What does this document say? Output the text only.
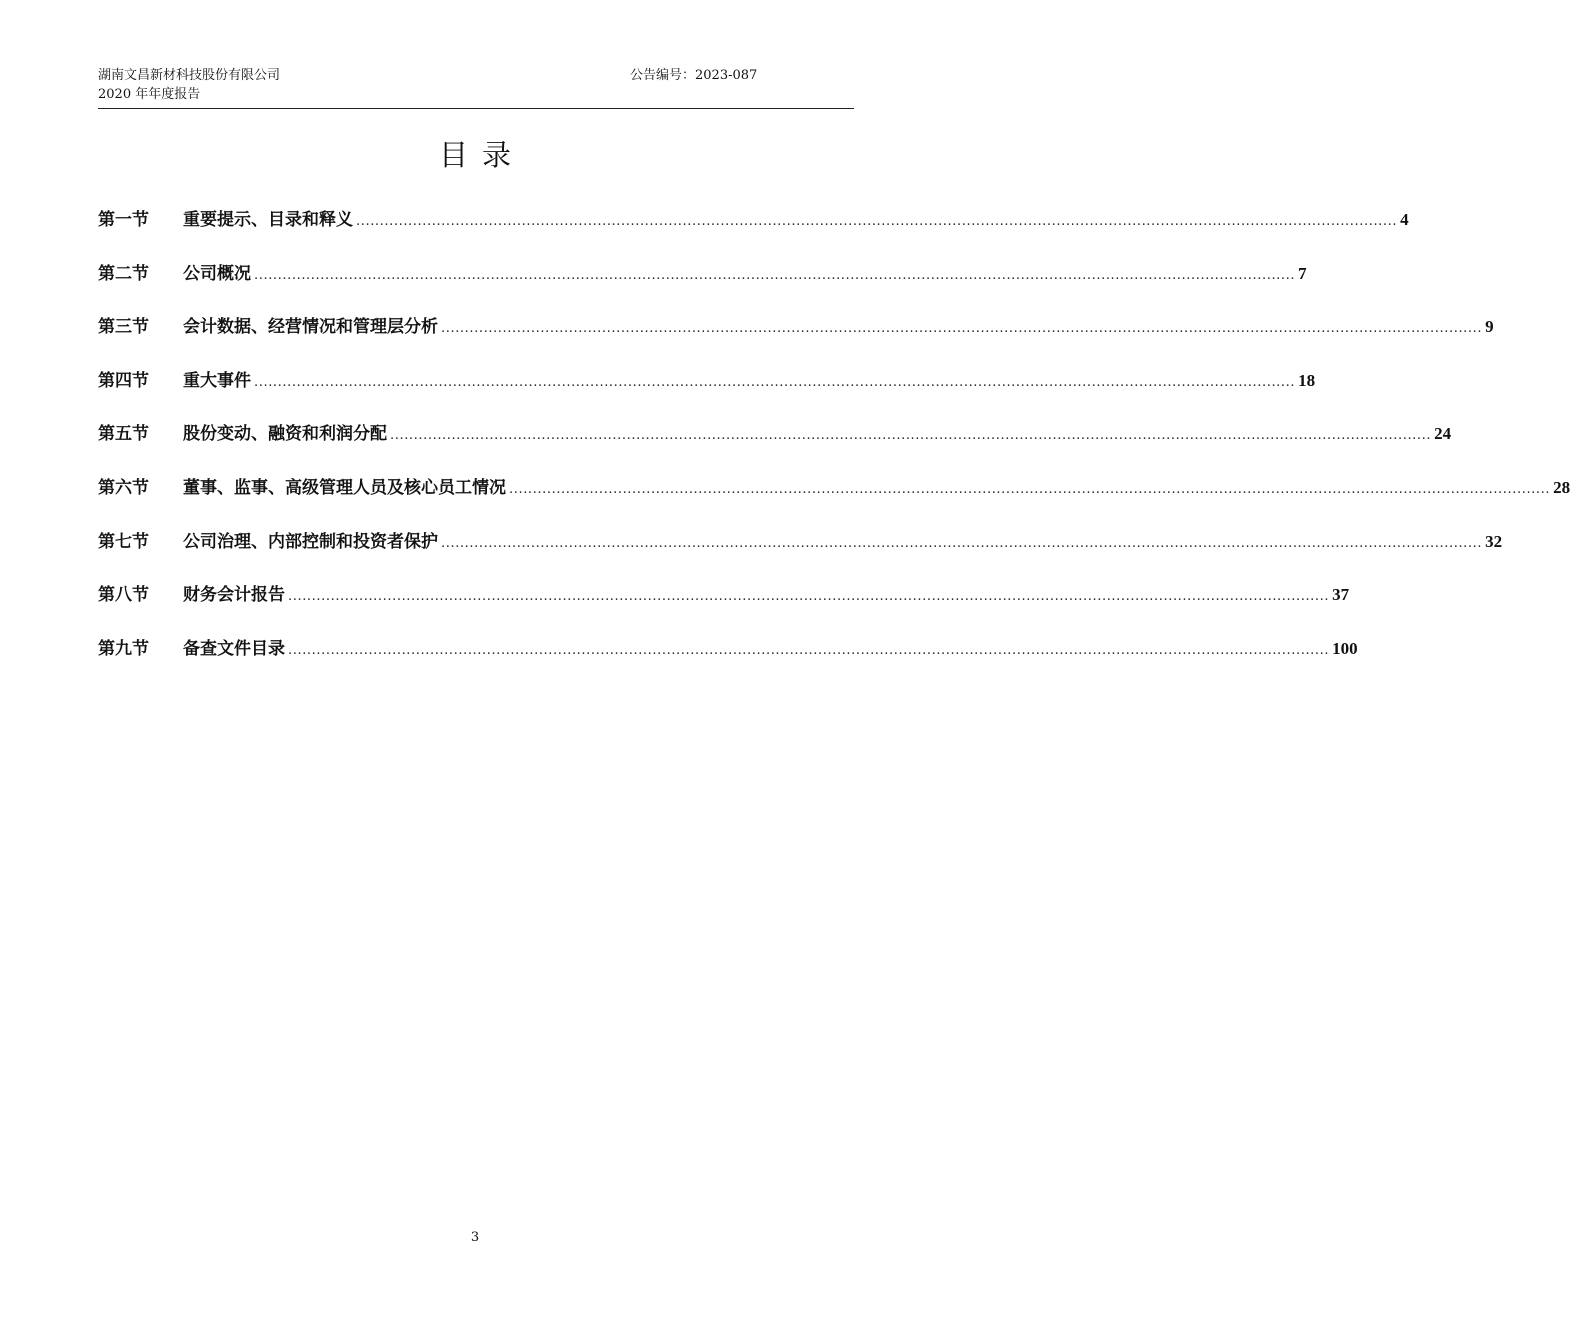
湖南文昌新材科技股份有限公司
2020 年年度报告
公告编号：2023-087
目录
第一节	重要提示、目录和释义 ............................................................................................................................................................................................................................ 4
第二节	公司概况 ............................................................................................................................................................................................................................ 7
第三节	会计数据、经营情况和管理层分析 ............................................................................................................................................................................................................................ 9
第四节	重大事件 ............................................................................................................................................................................................................................ 18
第五节	股份变动、融资和利润分配 ............................................................................................................................................................................................................................ 24
第六节	董事、监事、高级管理人员及核心员工情况 ............................................................................................................................................................................................................................ 28
第七节	公司治理、内部控制和投资者保护 ............................................................................................................................................................................................................................ 32
第八节	财务会计报告 ............................................................................................................................................................................................................................ 37
第九节	备查文件目录 ............................................................................................................................................................................................................................ 100
3
